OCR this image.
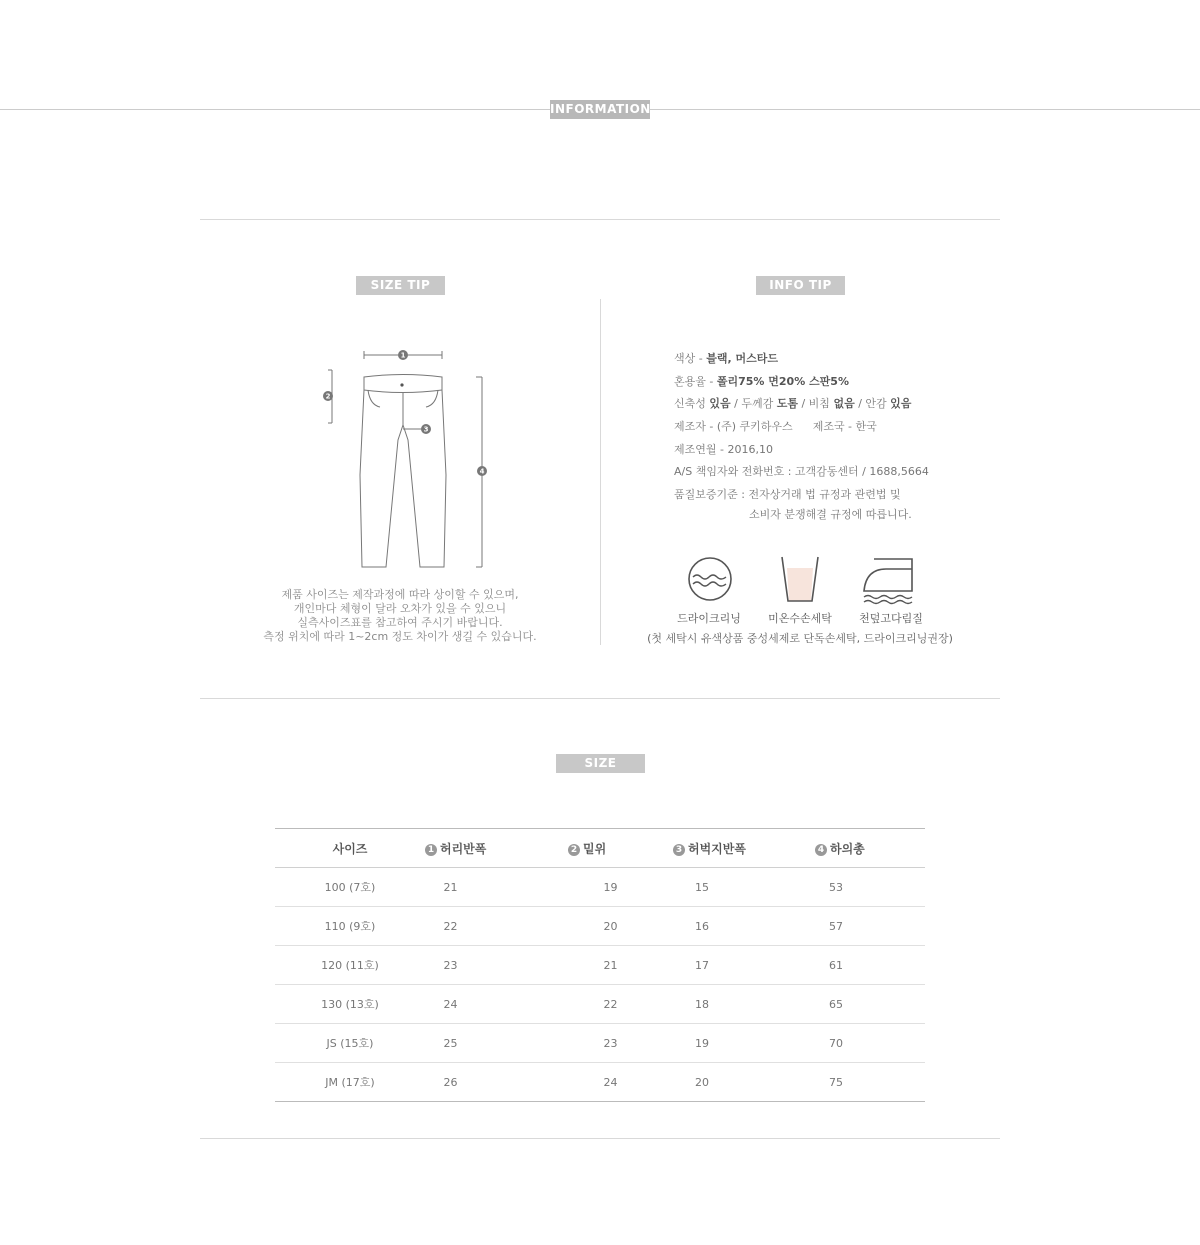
INFORMATION
SIZE TIP
1
2
3
4
제품 사이즈는 제작과정에 따라 상이할 수 있으며,
개인마다 체형이 달라 오차가 있을 수 있으니
실측사이즈표를 참고하여 주시기 바랍니다.
측정 위치에 따라 1~2cm 정도 차이가 생길 수 있습니다.
INFO TIP
색상 - 블랙, 머스타드
혼용율 - 폴리75% 면20% 스판5%
신축성 있음 / 두께감 도톰 / 비침 없음 / 안감 있음
제조자 - (주) 쿠키하우스 제조국 - 한국
제조연월 - 2016,10
A/S 책임자와 전화번호 : 고객감동센터 / 1688,5664
품질보증기준 : 전자상거래 법 규정과 관련법 및
소비자 분쟁해결 규정에 따릅니다.
드라이크리닝	미온수손세탁	천덮고다림질
(첫 세탁시 유색상품 중성세제로 단독손세탁, 드라이크리닝권장)
SIZE
사이즈	1 허리반폭	2 밑위	3 허벅지반폭	4 하의총
100 (7호)	21	19	15	53
110 (9호)	22	20	16	57
120 (11호)	23	21	17	61
130 (13호)	24	22	18	65
JS (15호)	25	23	19	70
JM (17호)	26	24	20	75
